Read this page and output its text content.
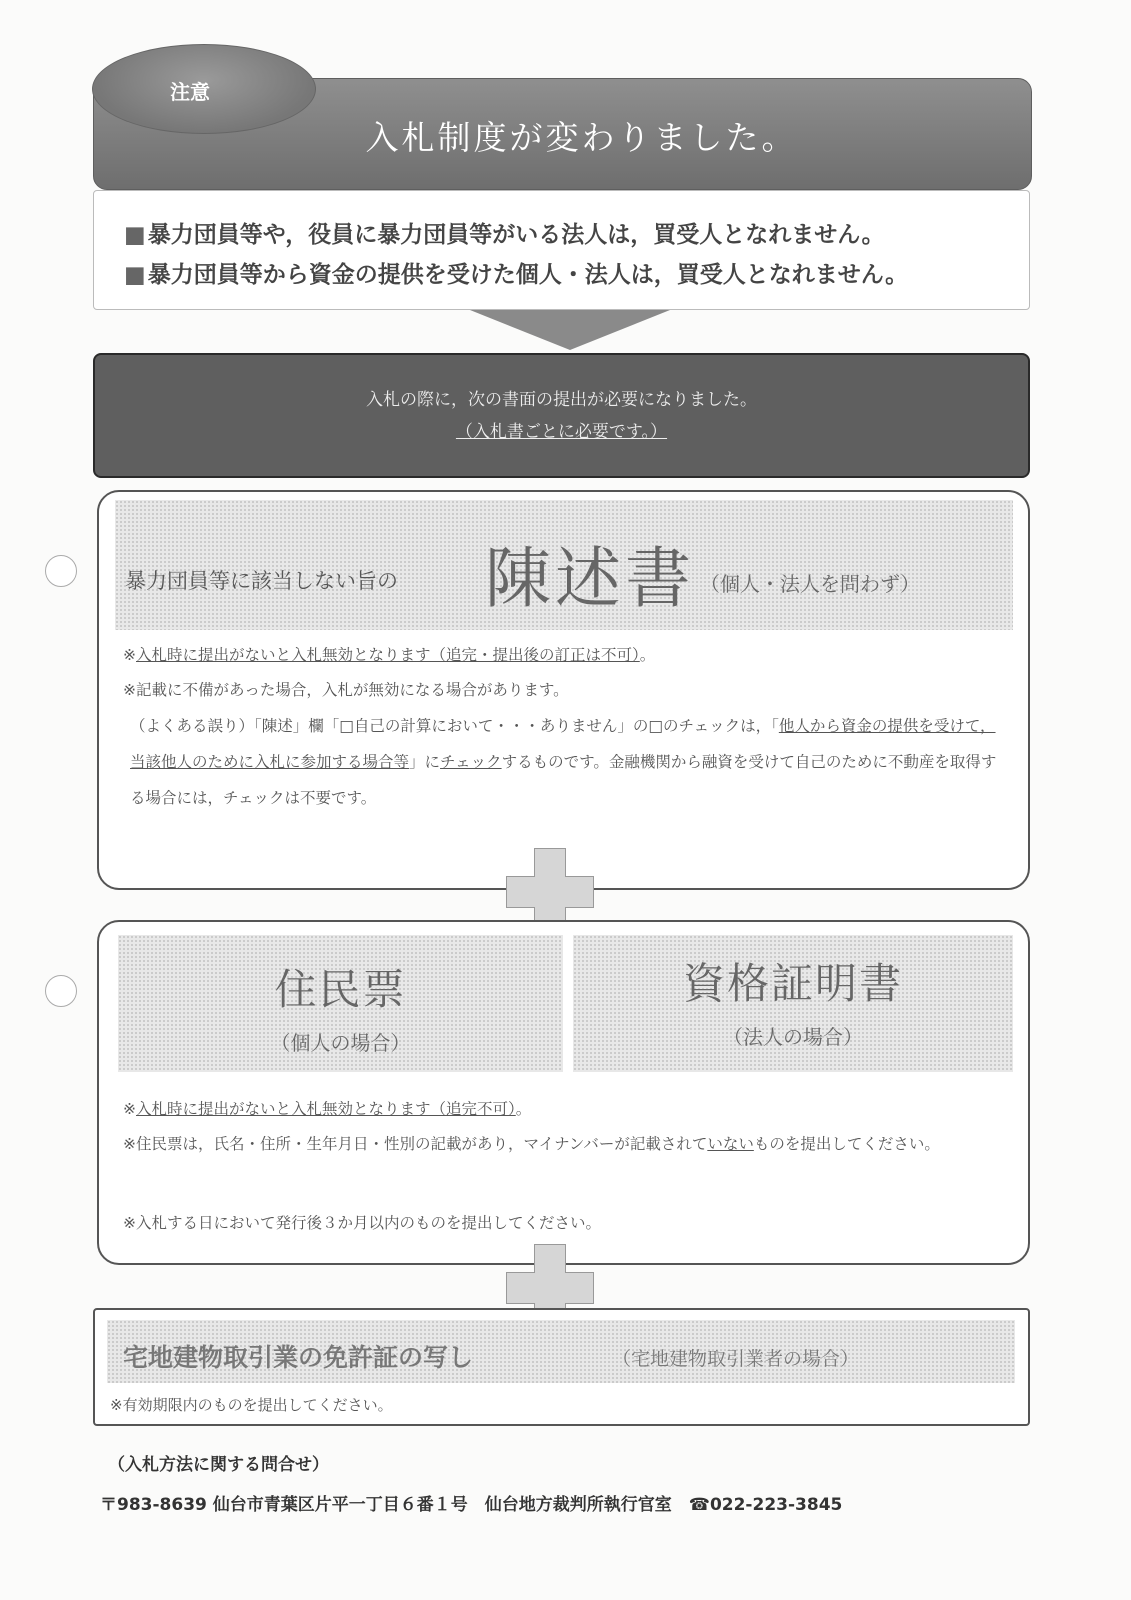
注意
入札制度が変わりました。
■暴力団員等や，役員に暴力団員等がいる法人は，買受人となれません。
■暴力団員等から資金の提供を受けた個人・法人は，買受人となれません。
入札の際に，次の書面の提出が必要になりました。
（入札書ごとに必要です。）
暴力団員等に該当しない旨の 陳述書 （個人・法人を問わず）
※入札時に提出がないと入札無効となります（追完・提出後の訂正は不可）。
※記載に不備があった場合，入札が無効になる場合があります。
（よくある誤り）「陳述」欄「□自己の計算において・・・ありません」の□のチェックは，「他人から資金の提供を受けて，当該他人のために入札に参加する場合等」にチェックするものです。金融機関から融資を受けて自己のために不動産を取得する場合には，チェックは不要です。
住民票
（個人の場合）
資格証明書
（法人の場合）
※入札時に提出がないと入札無効となります（追完不可）。
※住民票は，氏名・住所・生年月日・性別の記載があり，マイナンバーが記載されていないものを提出してください。
※入札する日において発行後３か月以内のものを提出してください。
宅地建物取引業の免許証の写し	（宅地建物取引業者の場合）
※有効期限内のものを提出してください。
（入札方法に関する問合せ）
〒983-8639 仙台市青葉区片平一丁目６番１号　仙台地方裁判所執行官室　☎022-223-3845
